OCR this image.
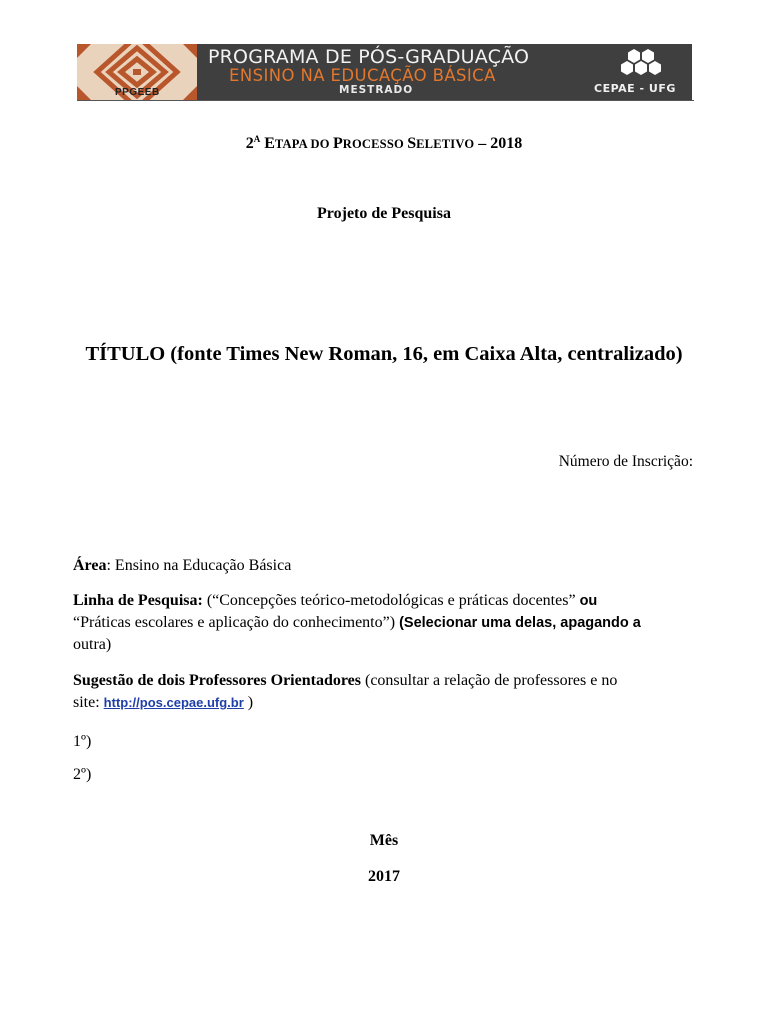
PPGEEB
PROGRAMA DE PÓS-GRADUAÇÃO
ENSINO NA EDUCAÇÃO BÁSICA
MESTRADO	CEPAE - UFG
$2^A$ ETAPA DO PROCESSO SELETIVO – 2018
Projeto de Pesquisa
TÍTULO (fonte Times New Roman, 16, em Caixa Alta, centralizado)
Número de Inscrição:
Área: Ensino na Educação Básica
Linha de Pesquisa: (“Concepções teórico-metodológicas e práticas docentes” ou
“Práticas escolares e aplicação do conhecimento”) (Selecionar uma delas, apagando a
outra)
Sugestão de dois Professores Orientadores (consultar a relação de professores e no
site: http://pos.cepae.ufg.br )
1º)
2º)
Mês
2017
